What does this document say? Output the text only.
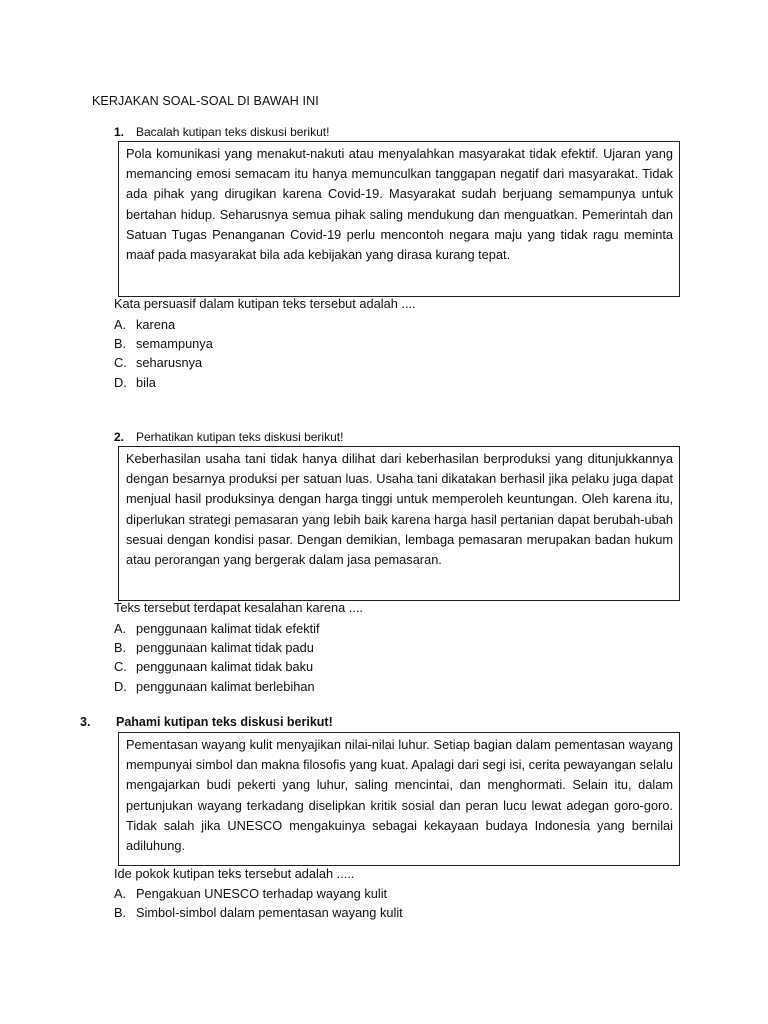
KERJAKAN SOAL-SOAL DI BAWAH INI
1. Bacalah kutipan teks diskusi berikut!
Pola komunikasi yang menakut-nakuti atau menyalahkan masyarakat tidak efektif. Ujaran yang memancing emosi semacam itu hanya memunculkan tanggapan negatif dari masyarakat. Tidak ada pihak yang dirugikan karena Covid-19. Masyarakat sudah berjuang semampunya untuk bertahan hidup. Seharusnya semua pihak saling mendukung dan menguatkan. Pemerintah dan Satuan Tugas Penanganan Covid-19 perlu mencontoh negara maju yang tidak ragu meminta maaf pada masyarakat bila ada kebijakan yang dirasa kurang tepat.
Kata persuasif dalam kutipan teks tersebut adalah ....
A. karena
B. semampunya
C. seharusnya
D. bila
2. Perhatikan kutipan teks diskusi berikut!
Keberhasilan usaha tani tidak hanya dilihat dari keberhasilan berproduksi yang ditunjukkannya dengan besarnya produksi per satuan luas. Usaha tani dikatakan berhasil jika pelaku juga dapat menjual hasil produksinya dengan harga tinggi untuk memperoleh keuntungan. Oleh karena itu, diperlukan strategi pemasaran yang lebih baik karena harga hasil pertanian dapat berubah-ubah sesuai dengan kondisi pasar. Dengan demikian, lembaga pemasaran merupakan badan hukum atau perorangan yang bergerak dalam jasa pemasaran.
Teks tersebut terdapat kesalahan karena ....
A. penggunaan kalimat tidak efektif
B. penggunaan kalimat tidak padu
C. penggunaan kalimat tidak baku
D. penggunaan kalimat berlebihan
3. Pahami kutipan teks diskusi berikut!
Pementasan wayang kulit menyajikan nilai-nilai luhur. Setiap bagian dalam pementasan wayang mempunyai simbol dan makna filosofis yang kuat. Apalagi dari segi isi, cerita pewayangan selalu mengajarkan budi pekerti yang luhur, saling mencintai, dan menghormati. Selain itu, dalam pertunjukan wayang terkadang diselipkan kritik sosial dan peran lucu lewat adegan goro-goro. Tidak salah jika UNESCO mengakuinya sebagai kekayaan budaya Indonesia yang bernilai adiluhung.
Ide pokok kutipan teks tersebut adalah .....
A. Pengakuan UNESCO terhadap wayang kulit
B. Simbol-simbol dalam pementasan wayang kulit
